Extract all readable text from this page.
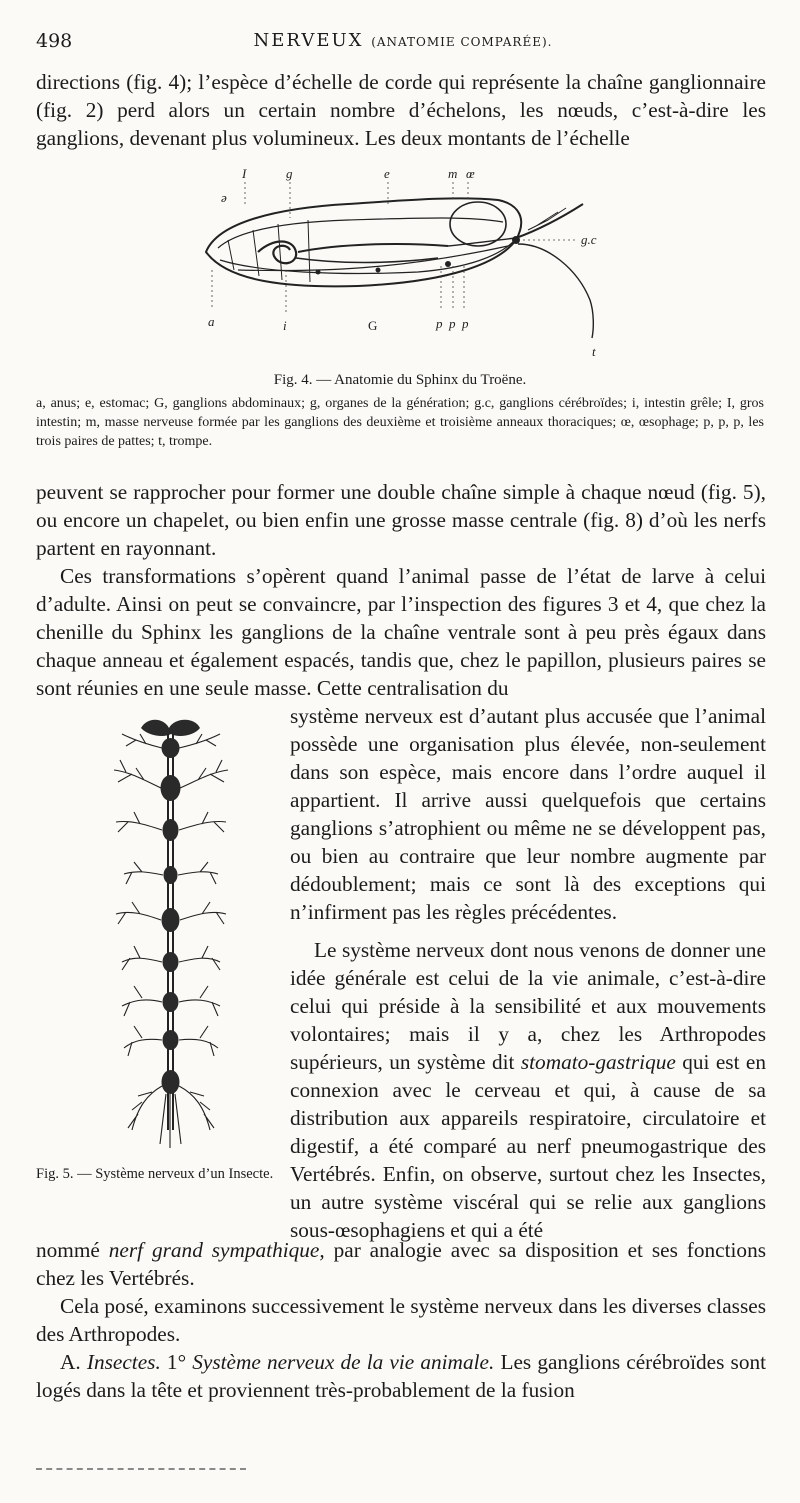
498	NERVEUX (ANATOMIE COMPARÉE).

directions (fig. 4); l’espèce d’échelle de corde qui représente la chaîne ganglionnaire (fig. 2) perd alors un certain nombre d’échelons, les nœuds, c’est-à-dire les ganglions, devenant plus volumineux. Les deux montants de l’échelle

ə
I	g	e	m œ
g.c
a	i	G	p p p
t
Fig. 4. — Anatomie du Sphinx du Troëne.

a, anus; e, estomac; G, ganglions abdominaux; g, organes de la génération; g.c, ganglions cérébroïdes; i, intestin grêle; I, gros intestin; m, masse nerveuse formée par les ganglions des deuxième et troisième anneaux thoraciques; œ, œsophage; p, p, p, les trois paires de pattes; t, trompe.

peuvent se rapprocher pour former une double chaîne simple à chaque nœud (fig. 5), ou encore un chapelet, ou bien enfin une grosse masse centrale (fig. 8) d’où les nerfs partent en rayonnant.

Ces transformations s’opèrent quand l’animal passe de l’état de larve à celui d’adulte. Ainsi on peut se convaincre, par l’inspection des figures 3 et 4, que chez la chenille du Sphinx les ganglions de la chaîne ventrale sont à peu près égaux dans chaque anneau et également espacés, tandis que, chez le papillon, plusieurs paires se sont réunies en une seule masse. Cette centralisation du

Fig. 5. — Système nerveux d’un Insecte.

système nerveux est d’autant plus accusée que l’animal possède une organisation plus élevée, non-seulement dans son espèce, mais encore dans l’ordre auquel il appartient. Il arrive aussi quelquefois que certains ganglions s’atrophient ou même ne se développent pas, ou bien au contraire que leur nombre augmente par dédoublement; mais ce sont là des exceptions qui n’infirment pas les règles précédentes.

Le système nerveux dont nous venons de donner une idée générale est celui de la vie animale, c’est-à-dire celui qui préside à la sensibilité et aux mouvements volontaires; mais il y a, chez les Arthropodes supérieurs, un système dit stomato-gastrique qui est en connexion avec le cerveau et qui, à cause de sa distribution aux appareils respiratoire, circulatoire et digestif, a été comparé au nerf pneumogastrique des Vertébrés. Enfin, on observe, surtout chez les Insectes, un autre système viscéral qui se relie aux ganglions sous-œsophagiens et qui a été

nommé nerf grand sympathique, par analogie avec sa disposition et ses fonctions chez les Vertébrés.

Cela posé, examinons successivement le système nerveux dans les diverses classes des Arthropodes.

A. Insectes. 1° Système nerveux de la vie animale. Les ganglions cérébroïdes sont logés dans la tête et proviennent très-probablement de la fusion
